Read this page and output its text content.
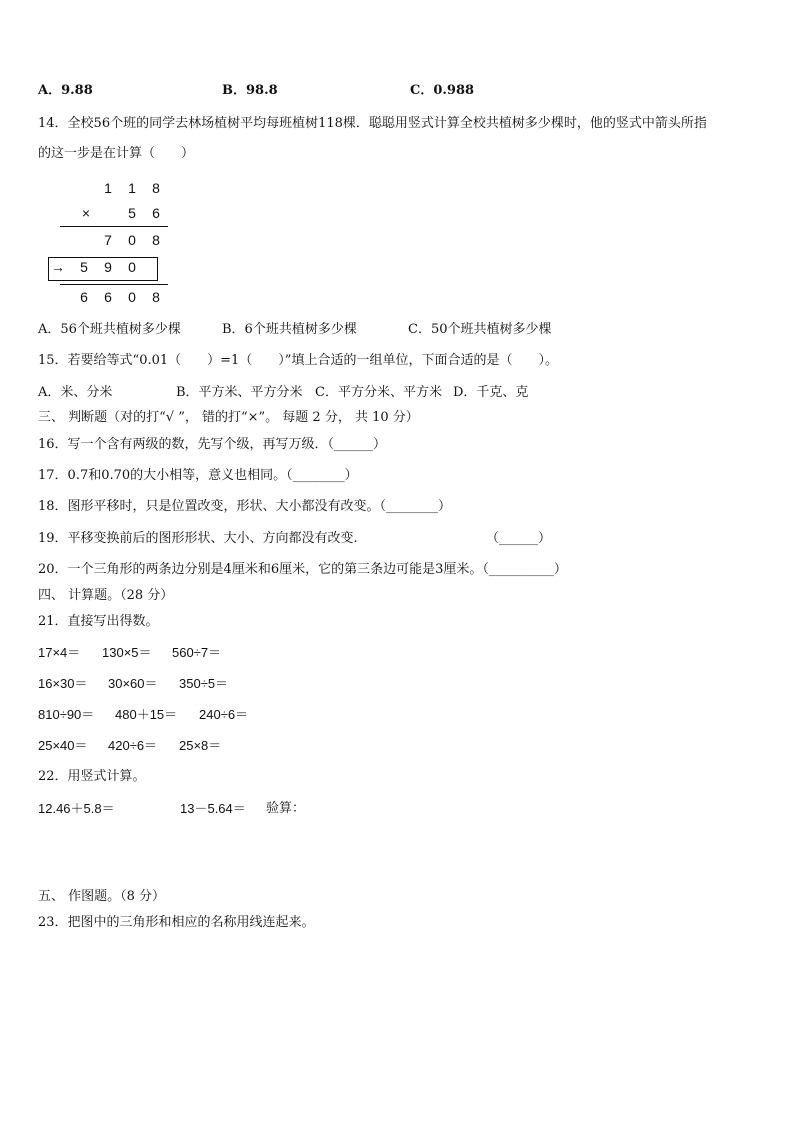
A．9.88	B．98.8	C．0.988
14．全校56个班的同学去林场植树平均每班植树118棵．聪聪用竖式计算全校共植树多少棵时，他的竖式中箭头所指
的这一步是在计算（　　）
1 1 8
×	5 6
7 0 8
→ 5 9 0
6 6 0 8
A．56个班共植树多少棵	B．6个班共植树多少棵	C．50个班共植树多少棵
15．若要给等式“0.01（　　）=1（　　）”填上合适的一组单位，下面合适的是（　　）。
A．米、分米	B．平方米、平方分米 C．平方分米、平方米 D．千克、克
三、 判断题（对的打“√ ”， 错的打“×”。 每题 2 分， 共 10 分）
16．写一个含有两级的数，先写个级，再写万级．（______）
17．0.7和0.70的大小相等，意义也相同。（________）
18．图形平移时，只是位置改变，形状、大小都没有改变。（________）
19．平移变换前后的图形形状、大小、方向都没有改变.	（______）
20．一个三角形的两条边分别是4厘米和6厘米，它的第三条边可能是3厘米。（__________）
四、 计算题。（28 分）
21．直接写出得数。
17×4＝ 130×5＝ 560÷7＝
16×30＝ 30×60＝ 350÷5＝
810÷90＝ 480＋15＝ 240÷6＝
25×40＝ 420÷6＝ 25×8＝
22．用竖式计算。
12.46＋5.8＝	13－5.64＝ 验算：
五、 作图题。（8 分）
23．把图中的三角形和相应的名称用线连起来。
